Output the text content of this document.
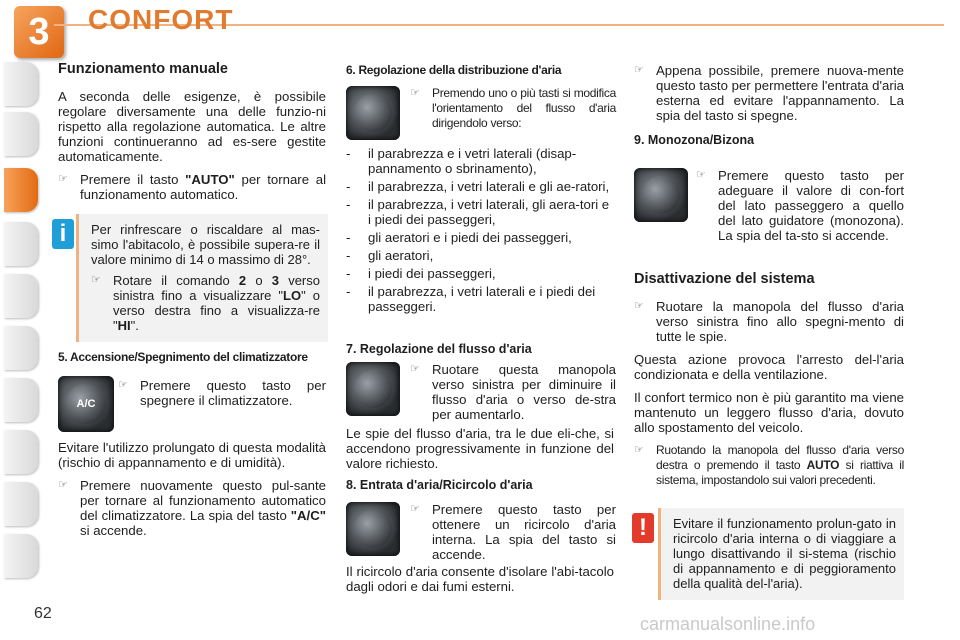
3	CONFORT
Funzionamento manuale

A seconda delle esigenze, è possibile regolare diversamente una delle funzio-ni rispetto alla regolazione automatica. Le altre funzioni continueranno ad es-sere gestite automaticamente.

☞ Premere il tasto "AUTO" per tornare al funzionamento automatico.
Per rinfrescare o riscaldare al mas-simo l'abitacolo, è possibile supera-re il valore minimo di 14 o massimo di 28°.
☞ Rotare il comando 2 o 3 verso sinistra fino a visualizzare "LO" o verso destra fino a visualizza-re "HI".
i
5. Accensione/Spegnimento del climatizzatore
A/C
☞ Premere questo tasto per spegnere il climatizzatore.

Evitare l'utilizzo prolungato di questa modalità (rischio di appannamento e di umidità).

☞ Premere nuovamente questo pul-sante per tornare al funzionamento automatico del climatizzatore. La spia del tasto "A/C" si accende.
6. Regolazione della distribuzione d'aria
☞	Premendo uno o più tasti si modifica l'orientamento del flusso d'aria dirigendolo verso:
-	il parabrezza e i vetri laterali (disap-pannamento o sbrinamento),
-	il parabrezza, i vetri laterali e gli ae-ratori,
-	il parabrezza, i vetri laterali, gli aera-tori e i piedi dei passeggeri,
-	gli aeratori e i piedi dei passeggeri,
-	gli aeratori,
-	i piedi dei passeggeri,
-	il parabrezza, i vetri laterali e i piedi dei passeggeri.
7. Regolazione del flusso d'aria
☞ Ruotare questa manopola verso sinistra per diminuire il flusso d'aria o verso de-stra per aumentarlo.

Le spie del flusso d'aria, tra le due eli-che, si accendono progressivamente in funzione del valore richiesto.

8. Entrata d'aria/Ricircolo d'aria
☞ Premere questo tasto per ottenere un ricircolo d'aria interna. La spia del tasto si accende.

Il ricircolo d'aria consente d'isolare l'abi-tacolo dagli odori e dai fumi esterni.

☞ Appena possibile, premere nuova-mente questo tasto per permettere l'entrata d'aria esterna ed evitare l'appannamento. La spia del tasto si spegne.
9. Monozona/Bizona
☞ Premere questo tasto per adeguare il valore di con-fort del lato passeggero a quello del lato guidatore (monozona). La spia del ta-sto si accende.
Disattivazione del sistema
☞ Ruotare la manopola del flusso d'aria verso sinistra fino allo spegni-mento di tutte le spie.

Questa azione provoca l'arresto del-l'aria condizionata e della ventilazione.

Il confort termico non è più garantito ma viene mantenuto un leggero flusso d'aria, dovuto allo spostamento del veicolo.

☞	Ruotando la manopola del flusso d'aria verso destra o premendo il tasto AUTO si riattiva il sistema, impostandolo sui valori precedenti.
Evitare il funzionamento prolun-gato in ricircolo d'aria interna o di viaggiare a lungo disattivando il si-stema (rischio di appannamento e di peggioramento della qualità del-l'aria).
!
62
carmanualsonline.info
